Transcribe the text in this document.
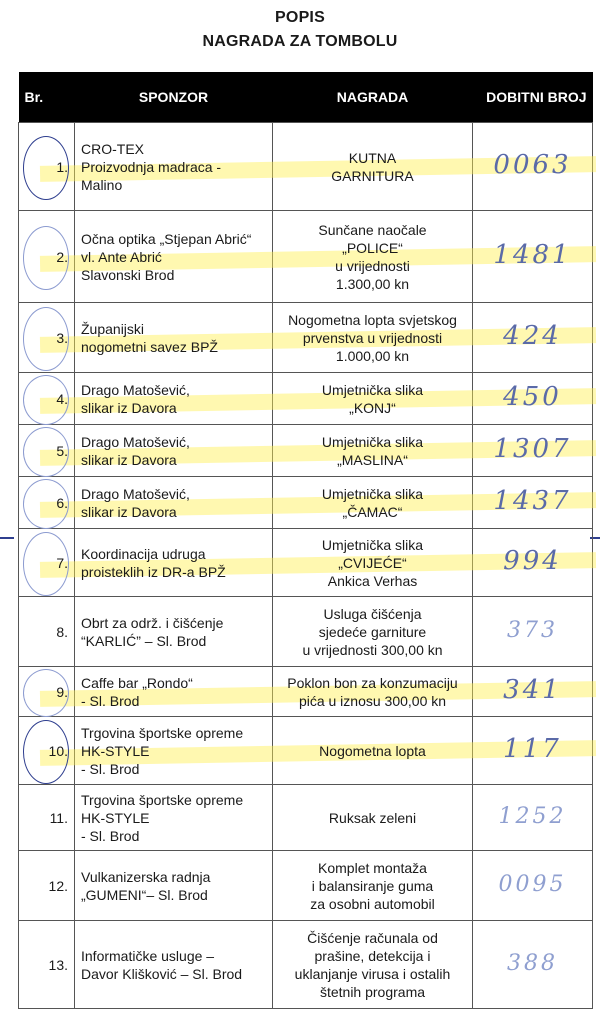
POPIS
NAGRADA ZA TOMBOLU
Br.	SPONZOR	NAGRADA	DOBITNI BROJ

1.	CRO-TEX
Proizvodnja madraca -
Malino	KUTNA
GARNITURA	0063

2.	Očna optika „Stjepan Abrić“
vl. Ante Abrić
Slavonski Brod	Sunčane naočale
„POLICE“
u vrijednosti
1.300,00 kn	1481

3.	Županijski
nogometni savez BPŽ	Nogometna lopta svjetskog
prvenstva u vrijednosti
1.000,00 kn	424

4.	Drago Matošević,
slikar iz Davora	Umjetnička slika
„KONJ“	450

5.	Drago Matošević,
slikar iz Davora	Umjetnička slika
„MASLINA“	1307

6.	Drago Matošević,
slikar iz Davora	Umjetnička slika
„ČAMAC“	1437

7.	Koordinacija udruga
proisteklih iz DR-a BPŽ	Umjetnička slika
„CVIJEĆE“
Ankica Verhas	994
8.	Obrt za održ. i čišćenje
“KARLIĆ” – Sl. Brod	Usluga čišćenja
sjedeće garniture
u vrijednosti 300,00 kn	373

9.	Caffe bar „Rondo“
- Sl. Brod	Poklon bon za konzumaciju
pića u iznosu 300,00 kn	341

10.	Trgovina športske opreme
HK-STYLE
- Sl. Brod	Nogometna lopta	117
11.	Trgovina športske opreme
HK-STYLE
- Sl. Brod	Ruksak zeleni	1252
12.	Vulkanizerska radnja
„GUMENI“– Sl. Brod	Komplet montaža
i balansiranje guma
za osobni automobil	0095
13.	Informatičke usluge –
Davor Klišković – Sl. Brod	Čišćenje računala od
prašine, detekcija i
uklanjanje virusa i ostalih
štetnih programa	388
